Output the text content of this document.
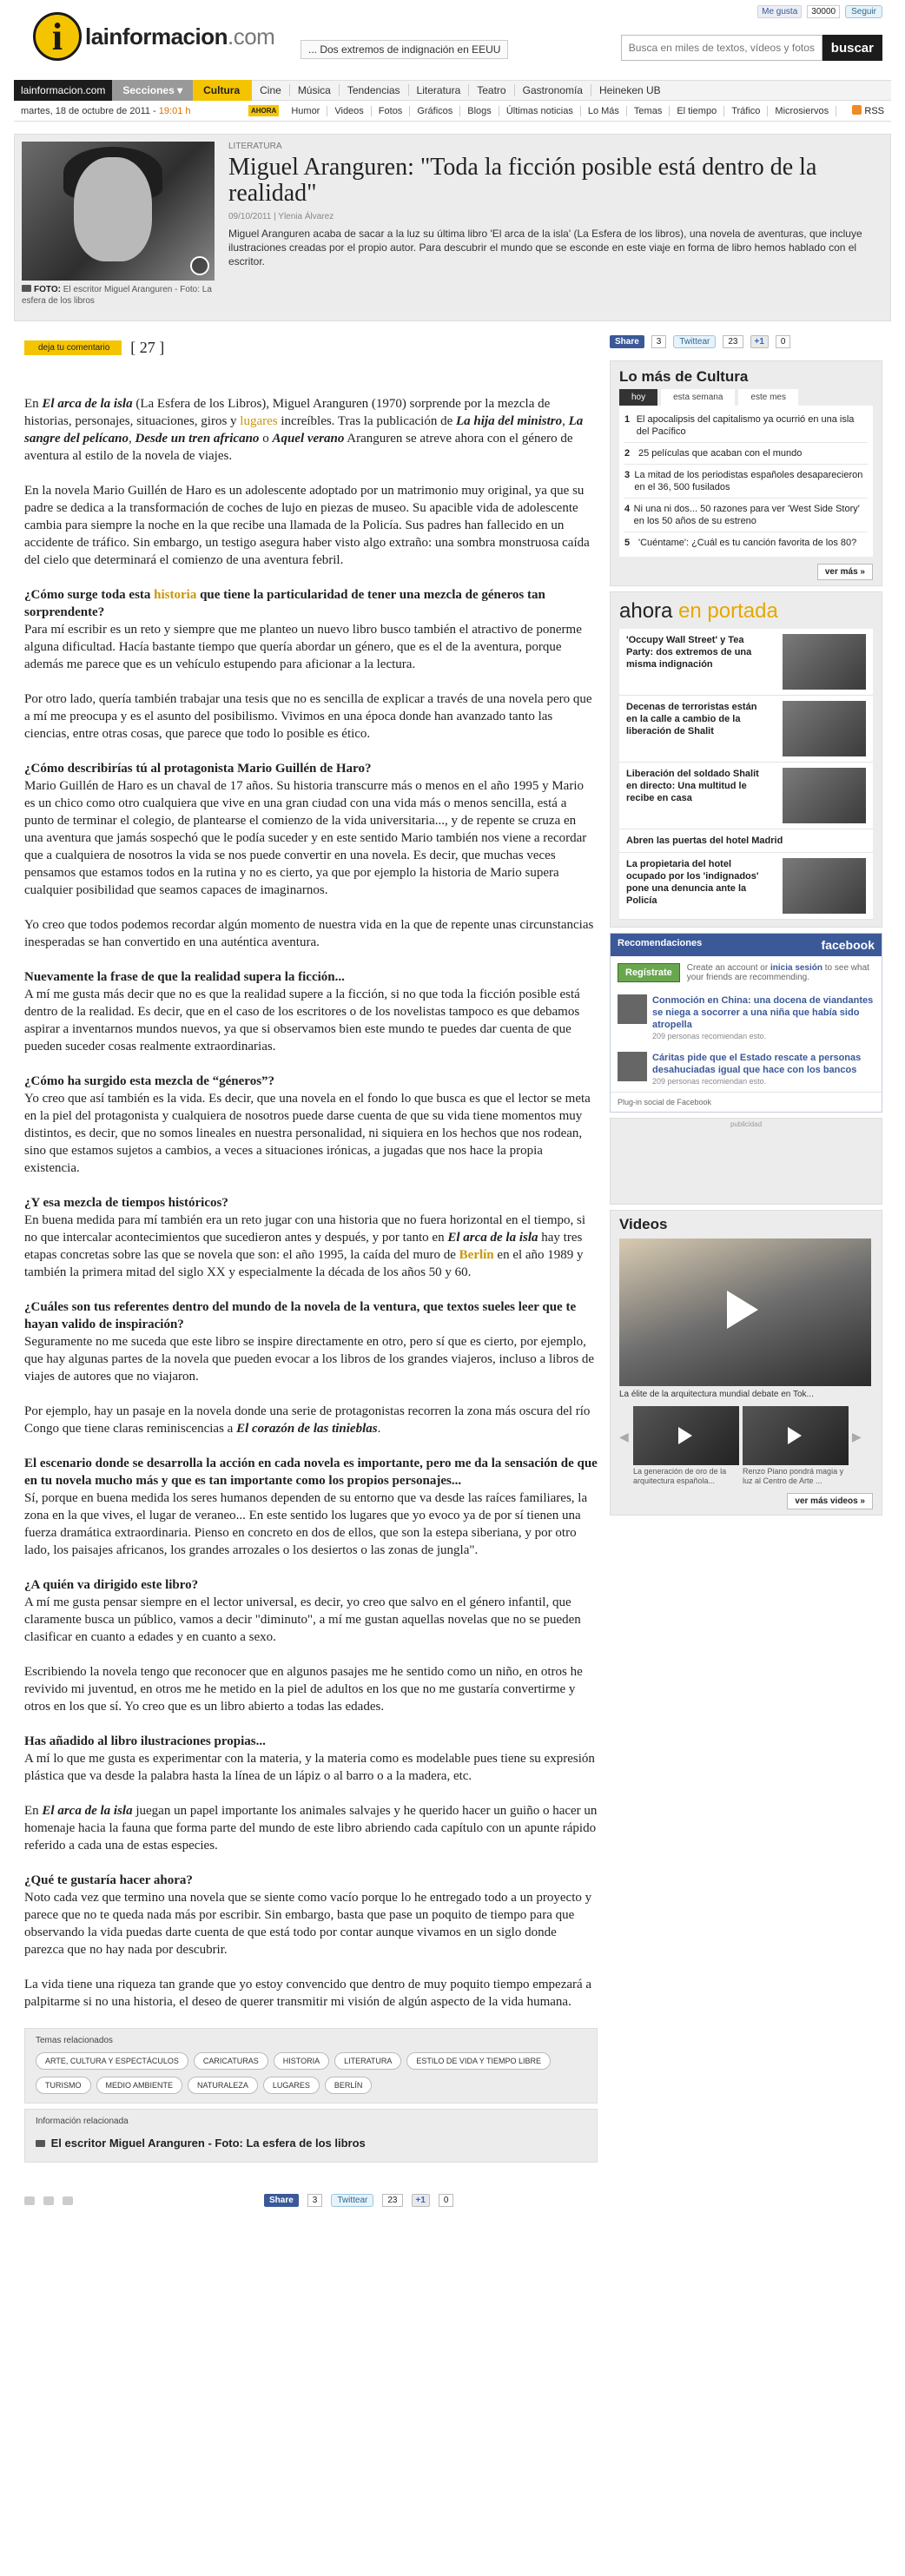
i lainformacion.com
Me gusta	30000	Seguir
... Dos extremos de indignación en EEUU
Busca en miles de textos, vídeos y fotos	buscar
lainformacion.com	Secciones ▾	Cultura	Cine	Música	Tendencias	Literatura	Teatro	Gastronomía	Heineken UB
martes, 18 de octubre de 2011 - 19:01 h	AHORA	Humor	Videos	Fotos	Gráficos	Blogs	Últimas noticias	Lo Más	Temas	El tiempo	Tráfico	Microsiervos	RSS
FOTO: El escritor Miguel Aranguren - Foto: La esfera de los libros
LITERATURA
Miguel Aranguren: "Toda la ficción posible está dentro de la realidad"
09/10/2011 | Ylenia Álvarez
Miguel Aranguren acaba de sacar a la luz su última libro 'El arca de la isla' (La Esfera de los libros), una novela de aventuras, que incluye ilustraciones creadas por el propio autor. Para descubrir el mundo que se esconde en este viaje en forma de libro hemos hablado con el escritor.
deja tu comentario	[ 27 ]

En El arca de la isla (La Esfera de los Libros), Miguel Aranguren (1970) sorprende por la mezcla de historias, personajes, situaciones, giros y lugares increíbles. Tras la publicación de La hija del ministro, La sangre del pelícano, Desde un tren africano o Aquel verano Aranguren se atreve ahora con el género de aventura al estilo de la novela de viajes.

En la novela Mario Guillén de Haro es un adolescente adoptado por un matrimonio muy original, ya que su padre se dedica a la transformación de coches de lujo en piezas de museo. Su apacible vida de adolescente cambia para siempre la noche en la que recibe una llamada de la Policía. Sus padres han fallecido en un accidente de tráfico. Sin embargo, un testigo asegura haber visto algo extraño: una sombra monstruosa caída del cielo que determinará el comienzo de una aventura febril.

¿Cómo surge toda esta historia que tiene la particularidad de tener una mezcla de géneros tan sorprendente?

Para mí escribir es un reto y siempre que me planteo un nuevo libro busco también el atractivo de ponerme alguna dificultad. Hacía bastante tiempo que quería abordar un género, que es el de la aventura, porque además me parece que es un vehículo estupendo para aficionar a la lectura.

Por otro lado, quería también trabajar una tesis que no es sencilla de explicar a través de una novela pero que a mí me preocupa y es el asunto del posibilismo. Vivimos en una época donde han avanzado tanto las ciencias, entre otras cosas, que parece que todo lo posible es ético.

¿Cómo describirías tú al protagonista Mario Guillén de Haro?

Mario Guillén de Haro es un chaval de 17 años. Su historia transcurre más o menos en el año 1995 y Mario es un chico como otro cualquiera que vive en una gran ciudad con una vida más o menos sencilla, está a punto de terminar el colegio, de plantearse el comienzo de la vida universitaria..., y de repente se cruza en una aventura que jamás sospechó que le podía suceder y en este sentido Mario también nos viene a recordar que a cualquiera de nosotros la vida se nos puede convertir en una novela. Es decir, que muchas veces pensamos que estamos todos en la rutina y no es cierto, ya que por ejemplo la historia de Mario supera cualquier posibilidad que seamos capaces de imaginarnos.

Yo creo que todos podemos recordar algún momento de nuestra vida en la que de repente unas circunstancias inesperadas se han convertido en una auténtica aventura.

Nuevamente la frase de que la realidad supera la ficción...

A mí me gusta más decir que no es que la realidad supere a la ficción, si no que toda la ficción posible está dentro de la realidad. Es decir, que en el caso de los escritores o de los novelistas tampoco es que debamos aspirar a inventarnos mundos nuevos, ya que si observamos bien este mundo te puedes dar cuenta de que pueden suceder cosas realmente extraordinarias.

¿Cómo ha surgido esta mezcla de “géneros”?

Yo creo que así también es la vida. Es decir, que una novela en el fondo lo que busca es que el lector se meta en la piel del protagonista y cualquiera de nosotros puede darse cuenta de que su vida tiene momentos muy distintos, es decir, que no somos lineales en nuestra personalidad, ni siquiera en los hechos que nos rodean, sino que estamos sujetos a cambios, a veces a situaciones irónicas, a jugadas que nos hace la propia existencia.

¿Y esa mezcla de tiempos históricos?

En buena medida para mí también era un reto jugar con una historia que no fuera horizontal en el tiempo, si no que intercalar acontecimientos que sucedieron antes y después, y por tanto en El arca de la isla hay tres etapas concretas sobre las que se novela que son: el año 1995, la caída del muro de Berlín en el año 1989 y también la primera mitad del siglo XX y especialmente la década de los años 50 y 60.

¿Cuáles son tus referentes dentro del mundo de la novela de la ventura, que textos sueles leer que te hayan valido de inspiración?

Seguramente no me suceda que este libro se inspire directamente en otro, pero sí que es cierto, por ejemplo, que hay algunas partes de la novela que pueden evocar a los libros de los grandes viajeros, incluso a libros de viajes de autores que no viajaron.

Por ejemplo, hay un pasaje en la novela donde una serie de protagonistas recorren la zona más oscura del río Congo que tiene claras reminiscencias a El corazón de las tinieblas.

El escenario donde se desarrolla la acción en cada novela es importante, pero me da la sensación de que en tu novela mucho más y que es tan importante como los propios personajes...

Sí, porque en buena medida los seres humanos dependen de su entorno que va desde las raíces familiares, la zona en la que vives, el lugar de veraneo... En este sentido los lugares que yo evoco ya de por sí tienen una fuerza dramática extraordinaria. Pienso en concreto en dos de ellos, que son la estepa siberiana, y por otro lado, los paisajes africanos, los grandes arrozales o los desiertos o las zonas de jungla".

¿A quién va dirigido este libro?

A mí me gusta pensar siempre en el lector universal, es decir, yo creo que salvo en el género infantil, que claramente busca un público, vamos a decir "diminuto", a mí me gustan aquellas novelas que no se pueden clasificar en cuanto a edades y en cuanto a sexo.

Escribiendo la novela tengo que reconocer que en algunos pasajes me he sentido como un niño, en otros he revivido mi juventud, en otros me he metido en la piel de adultos en los que no me gustaría convertirme y otros en los que sí. Yo creo que es un libro abierto a todas las edades.

Has añadido al libro ilustraciones propias...

A mí lo que me gusta es experimentar con la materia, y la materia como es modelable pues tiene su expresión plástica que va desde la palabra hasta la línea de un lápiz o al barro o a la madera, etc.

En El arca de la isla juegan un papel importante los animales salvajes y he querido hacer un guiño o hacer un homenaje hacia la fauna que forma parte del mundo de este libro abriendo cada capítulo con un apunte rápido referido a cada una de estas especies.

¿Qué te gustaría hacer ahora?

Noto cada vez que termino una novela que se siente como vacío porque lo he entregado todo a un proyecto y parece que no te queda nada más por escribir. Sin embargo, basta que pase un poquito de tiempo para que observando la vida puedas darte cuenta de que está todo por contar aunque vivamos en un siglo donde parezca que no hay nada por descubrir.

La vida tiene una riqueza tan grande que yo estoy convencido que dentro de muy poquito tiempo empezará a palpitarme si no una historia, el deseo de querer transmitir mi visión de algún aspecto de la vida humana.

Temas relacionados
ARTE, CULTURA Y ESPECTÁCULOS	CARICATURAS	HISTORIA	LITERATURA	ESTILO DE VIDA Y TIEMPO LIBRE
TURISMO	MEDIO AMBIENTE	NATURALEZA	LUGARES	BERLÍN
Información relacionada
El escritor Miguel Aranguren - Foto: La esfera de los libros
Share	3	Twittear	23	+1	0
Share	3	Twittear	23	+1	0
Lo más de Cultura
hoy	esta semana	este mes
1 El apocalipsis del capitalismo ya ocurrió en una isla del Pacífico
2 25 películas que acaban con el mundo
3 La mitad de los periodistas españoles desaparecieron en el 36, 500 fusilados
4 Ni una ni dos... 50 razones para ver 'West Side Story' en los 50 años de su estreno
5 'Cuéntame': ¿Cuál es tu canción favorita de los 80?
ver más »
ahora en portada
'Occupy Wall Street' y Tea Party: dos extremos de una misma indignación
Decenas de terroristas están en la calle a cambio de la liberación de Shalit
Liberación del soldado Shalit en directo: Una multitud le recibe en casa
Abren las puertas del hotel Madrid
La propietaria del hotel ocupado por los 'indignados' pone una denuncia ante la Policía
Recomendaciones	facebook
Regístrate	Create an account or inicia sesión to see what your friends are recommending.
Conmoción en China: una docena de viandantes se niega a socorrer a una niña que había sido atropella
209 personas recomiendan esto.
Cáritas pide que el Estado rescate a personas desahuciadas igual que hace con los bancos
209 personas recomiendan esto.
Plug-in social de Facebook
publicidad
Videos
La élite de la arquitectura mundial debate en Tok...
◀
La generación de oro de la arquitectura española...
Renzo Piano pondrá magia y luz al Centro de Arte ...
▶
ver más videos »
